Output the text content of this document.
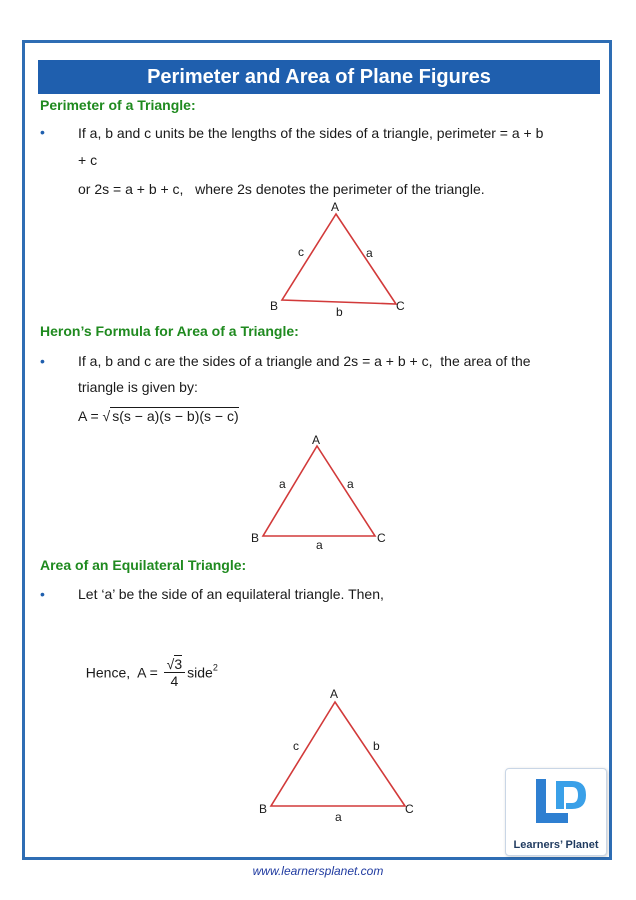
Perimeter and Area of Plane Figures
Perimeter of a Triangle:
• If a, b and c units be the lengths of the sides of a triangle, perimeter = a + b
+ c
or 2s = a + b + c,   where 2s denotes the perimeter of the triangle.
A
B	C
c	a
b
Heron’s Formula for Area of a Triangle:
• If a, b and c are the sides of a triangle and 2s = a + b + c,  the area of the
triangle is given by:
A = √ s(s − a)(s − b)(s − c)
A
B	C
a	a
a
Area of an Equilateral Triangle:
• Let ‘a’ be the side of an equilateral triangle. Then,

Hence,  $A = \frac{√3}{4}$ side$^2$

A
B	C
c	b
a
Learners’ Planet
www.learnersplanet.com
